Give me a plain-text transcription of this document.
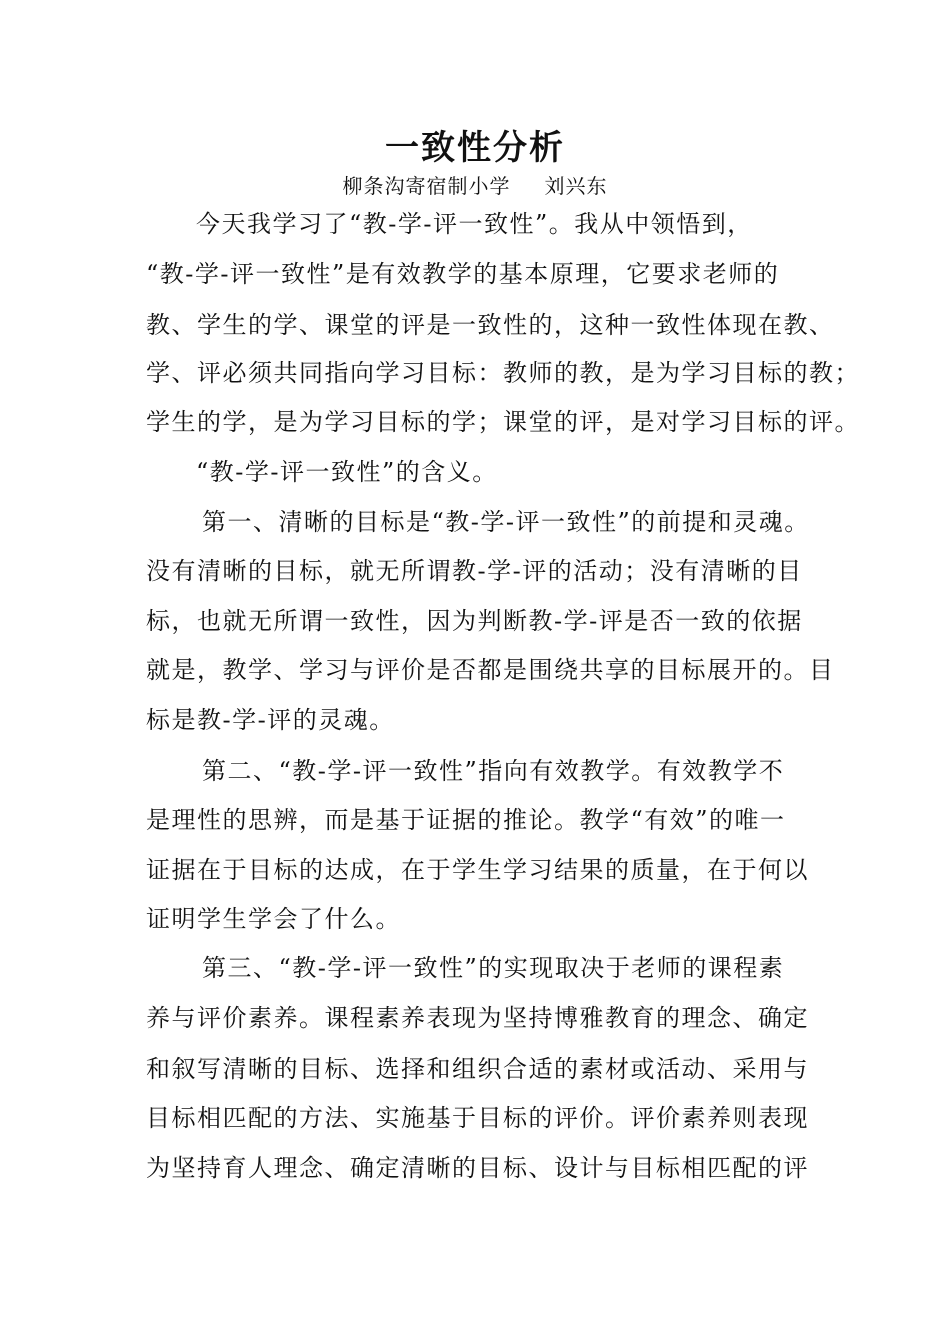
一致性分析
柳条沟寄宿制小学 刘兴东
今天我学习了“教-学-评一致性”。我从中领悟到，
“教-学-评一致性”是有效教学的基本原理，它要求老师的
教、学生的学、课堂的评是一致性的，这种一致性体现在教、
学、评必须共同指向学习目标：教师的教，是为学习目标的教；
学生的学，是为学习目标的学；课堂的评，是对学习目标的评。
“教-学-评一致性”的含义。
第一、清晰的目标是“教-学-评一致性”的前提和灵魂。
没有清晰的目标，就无所谓教-学-评的活动；没有清晰的目
标，也就无所谓一致性，因为判断教-学-评是否一致的依据
就是，教学、学习与评价是否都是围绕共享的目标展开的。目
标是教-学-评的灵魂。
第二、“教-学-评一致性”指向有效教学。有效教学不
是理性的思辨，而是基于证据的推论。教学“有效”的唯一
证据在于目标的达成，在于学生学习结果的质量，在于何以
证明学生学会了什么。
第三、“教-学-评一致性”的实现取决于老师的课程素
养与评价素养。课程素养表现为坚持博雅教育的理念、确定
和叙写清晰的目标、选择和组织合适的素材或活动、采用与
目标相匹配的方法、实施基于目标的评价。评价素养则表现
为坚持育人理念、确定清晰的目标、设计与目标相匹配的评
